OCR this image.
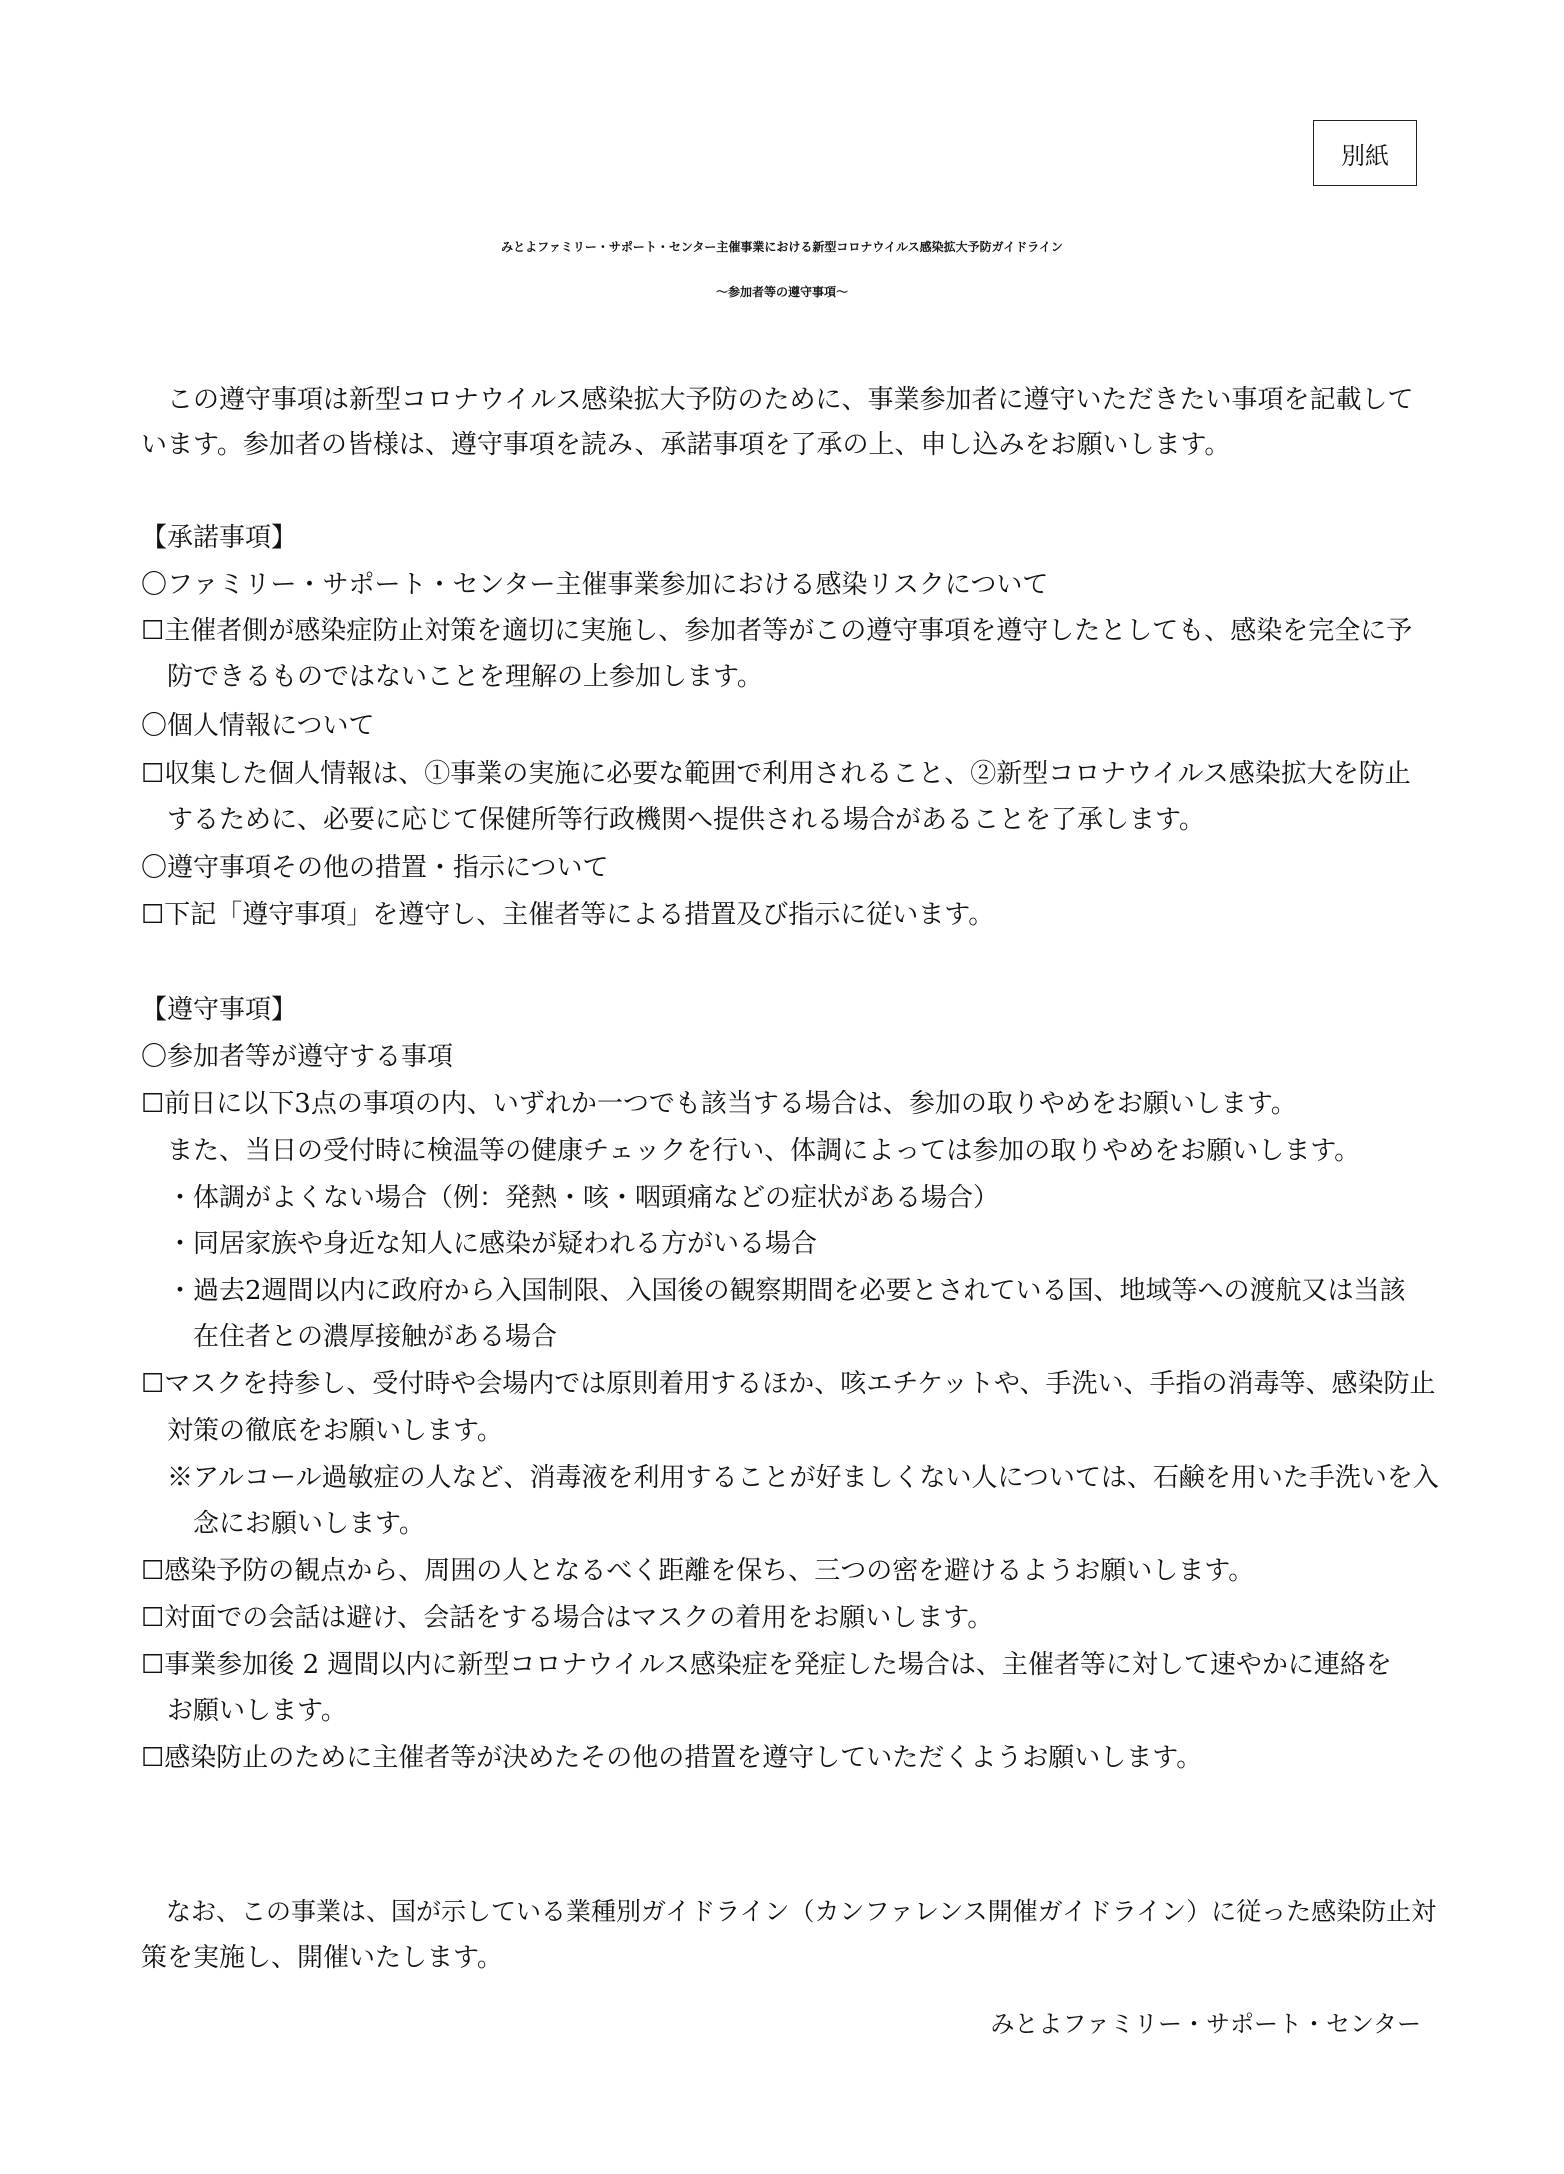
別紙
みとよファミリー・サポート・センター主催事業における新型コロナウイルス感染拡大予防ガイドライン
～参加者等の遵守事項～
　この遵守事項は新型コロナウイルス感染拡大予防のために、事業参加者に遵守いただきたい事項を記載して
います。参加者の皆様は、遵守事項を読み、承諾事項を了承の上、申し込みをお願いします。
【承諾事項】
〇ファミリー・サポート・センター主催事業参加における感染リスクについて
☐主催者側が感染症防止対策を適切に実施し、参加者等がこの遵守事項を遵守したとしても、感染を完全に予
　防できるものではないことを理解の上参加します。
〇個人情報について
☐収集した個人情報は、①事業の実施に必要な範囲で利用されること、②新型コロナウイルス感染拡大を防止
　するために、必要に応じて保健所等行政機関へ提供される場合があることを了承します。
〇遵守事項その他の措置・指示について
☐下記「遵守事項」を遵守し、主催者等による措置及び指示に従います。
【遵守事項】
〇参加者等が遵守する事項
☐前日に以下3点の事項の内、いずれか一つでも該当する場合は、参加の取りやめをお願いします。
　また、当日の受付時に検温等の健康チェックを行い、体調によっては参加の取りやめをお願いします。
　・体調がよくない場合（例：発熱・咳・咽頭痛などの症状がある場合）
　・同居家族や身近な知人に感染が疑われる方がいる場合
　・過去2週間以内に政府から入国制限、入国後の観察期間を必要とされている国、地域等への渡航又は当該
　　在住者との濃厚接触がある場合
☐マスクを持参し、受付時や会場内では原則着用するほか、咳エチケットや、手洗い、手指の消毒等、感染防止
　対策の徹底をお願いします。
　※アルコール過敏症の人など、消毒液を利用することが好ましくない人については、石鹸を用いた手洗いを入
　　念にお願いします。
☐感染予防の観点から、周囲の人となるべく距離を保ち、三つの密を避けるようお願いします。
☐対面での会話は避け、会話をする場合はマスクの着用をお願いします。
☐事業参加後 2 週間以内に新型コロナウイルス感染症を発症した場合は、主催者等に対して速やかに連絡を
　お願いします。
☐感染防止のために主催者等が決めたその他の措置を遵守していただくようお願いします。
　なお、この事業は、国が示している業種別ガイドライン（カンファレンス開催ガイドライン）に従った感染防止対
策を実施し、開催いたします。
みとよファミリー・サポート・センター
